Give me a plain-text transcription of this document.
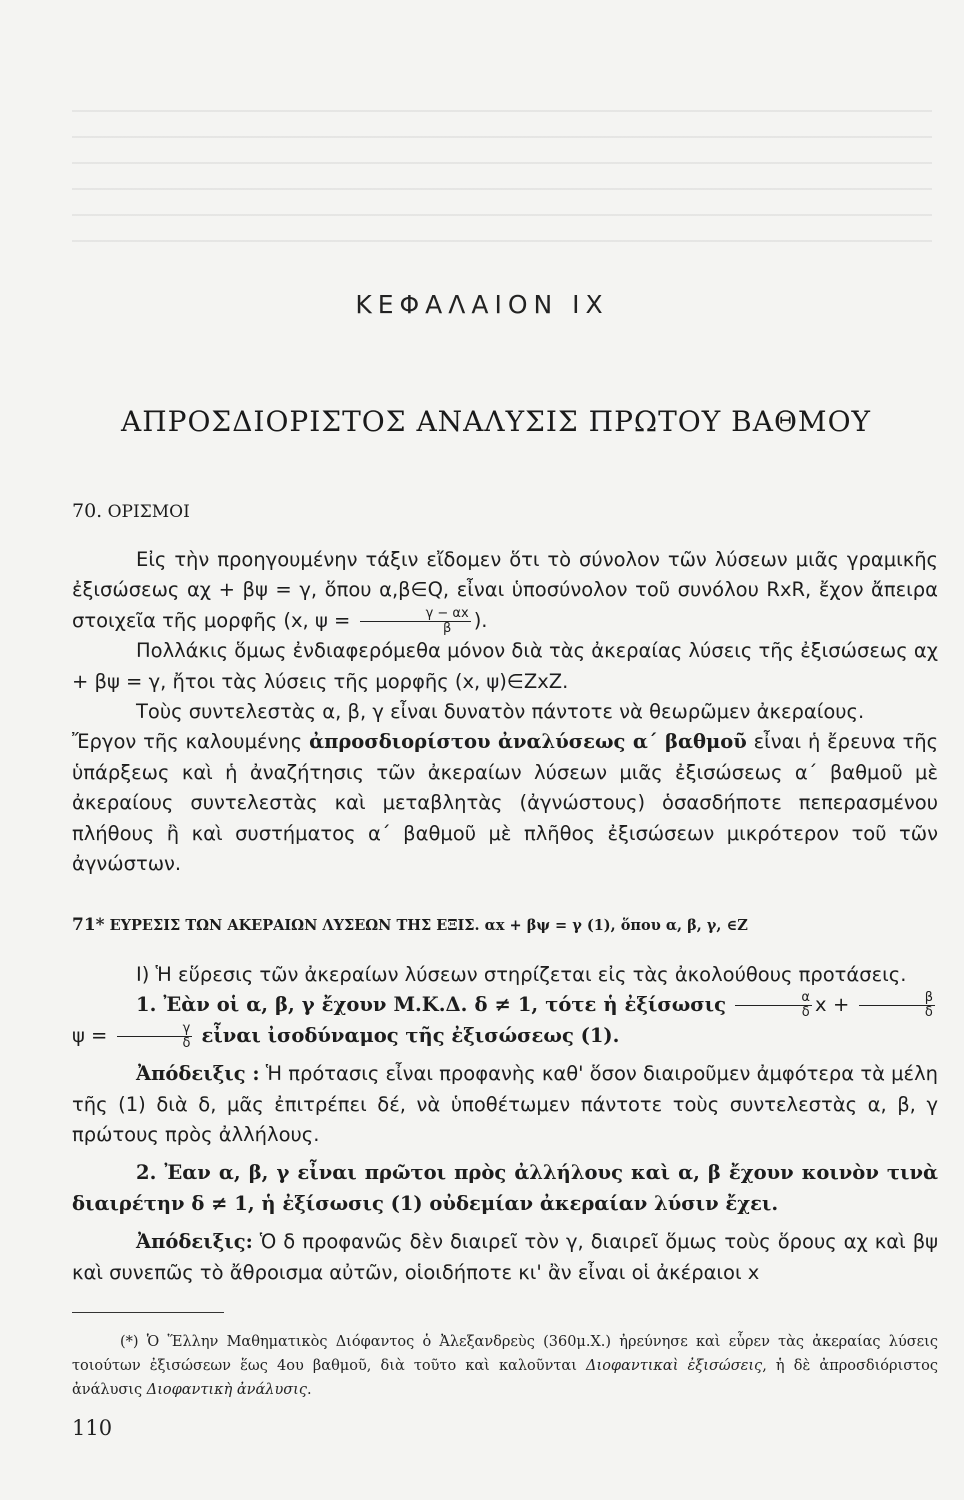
ΚΕΦΑΛΑΙΟΝ IX
ΑΠΡΟΣΔΙΟΡΙΣΤΟΣ ΑΝΑΛΥΣΙΣ ΠΡΩΤΟΥ ΒΑΘΜΟΥ
70. ΟΡΙΣΜΟΙ

Εἰς τὴν προηγουμένην τάξιν εἴδομεν ὅτι τὸ σύνολον τῶν λύσεων μιᾶς γραμικῆς ἐξισώσεως αχ + βψ = γ, ὅπου α,β∈Q, εἶναι ὑποσύνολον τοῦ συνόλου RxR, ἔχον ἄπειρα στοιχεῖα τῆς μορφῆς (x, $\psi = \frac{\gamma - \alpha x}{\beta}$ ).

Πολλάκις ὅμως ἐνδιαφερόμεθα μόνον διὰ τὰς ἀκεραίας λύσεις τῆς ἐξισώσεως αχ + βψ = γ, ἤτοι τὰς λύσεις τῆς μορφῆς (x, ψ)∈ZxZ.

Τοὺς συντελεστὰς α, β, γ εἶναι δυνατὸν πάντοτε νὰ θεωρῶμεν ἀκεραίους.

Ἔργον τῆς καλουμένης ἀπροσδιορίστου ἀναλύσεως α΄ βαθμοῦ εἶναι ἡ ἔρευνα τῆς ὑπάρξεως καὶ ἡ ἀναζήτησις τῶν ἀκεραίων λύσεων μιᾶς ἐξισώσεως α΄ βαθμοῦ μὲ ἀκεραίους συντελεστὰς καὶ μεταβλητὰς (ἀγνώστους) ὁσασδήποτε πεπερασμένου πλήθους ἢ καὶ συστήματος α΄ βαθμοῦ μὲ πλῆθος ἐξισώσεων μικρότερον τοῦ τῶν ἀγνώστων.

71* ΕΥΡΕΣΙΣ ΤΩΝ ΑΚΕΡΑΙΩΝ ΛΥΣΕΩΝ ΤΗΣ ΕΞΙΣ. αx + βψ = γ (1), ὅπου α, β, γ, ∈Z

Ι) Ἡ εὕρεσις τῶν ἀκεραίων λύσεων στηρίζεται εἰς τὰς ἀκολούθους προτάσεις.

1. Ἐὰν οἱ α, β, γ ἔχουν Μ.Κ.Δ. δ ≠ 1, τότε ἡ ἐξίσωσις $\frac{\alpha}{\delta}$ $x + \frac{\beta}{\delta}$
$\psi = \frac{\gamma}{\delta}$ εἶναι ἰσοδύναμος τῆς ἐξισώσεως (1).

Ἀπόδειξις : Ἡ πρότασις εἶναι προφανὴς καθ' ὅσον διαιροῦμεν ἀμφότερα τὰ μέλη τῆς (1) διὰ δ, μᾶς ἐπιτρέπει δέ, νὰ ὑποθέτωμεν πάντοτε τοὺς συντελεστὰς α, β, γ πρώτους πρὸς ἀλλήλους.

2. Ἐαν α, β, γ εἶναι πρῶτοι πρὸς ἀλλήλους καὶ α, β ἔχουν κοινὸν τινὰ διαιρέτην δ ≠ 1, ἡ ἐξίσωσις (1) οὐδεμίαν ἀκεραίαν λύσιν ἔχει.

Ἀπόδειξις: Ὁ δ προφανῶς δὲν διαιρεῖ τὸν γ, διαιρεῖ ὅμως τοὺς ὅρους αχ καὶ βψ καὶ συνεπῶς τὸ ἄθροισμα αὐτῶν, οἱοιδήποτε κι' ἂν εἶναι οἱ ἀκέραιοι x

(*) Ὁ Ἕλλην Μαθηματικὸς Διόφαντος ὁ Ἀλεξανδρεὺς (360μ.Χ.) ἠρεύνησε καὶ εὗρεν τὰς ἀκεραίας λύσεις τοιούτων ἐξισώσεων ἕως 4ου βαθμοῦ, διὰ τοῦτο καὶ καλοῦνται Διοφαντικαὶ ἐξισώσεις, ἡ δὲ ἀπροσδιόριστος ἀνάλυσις Διοφαντικὴ ἀνάλυσις.
110
